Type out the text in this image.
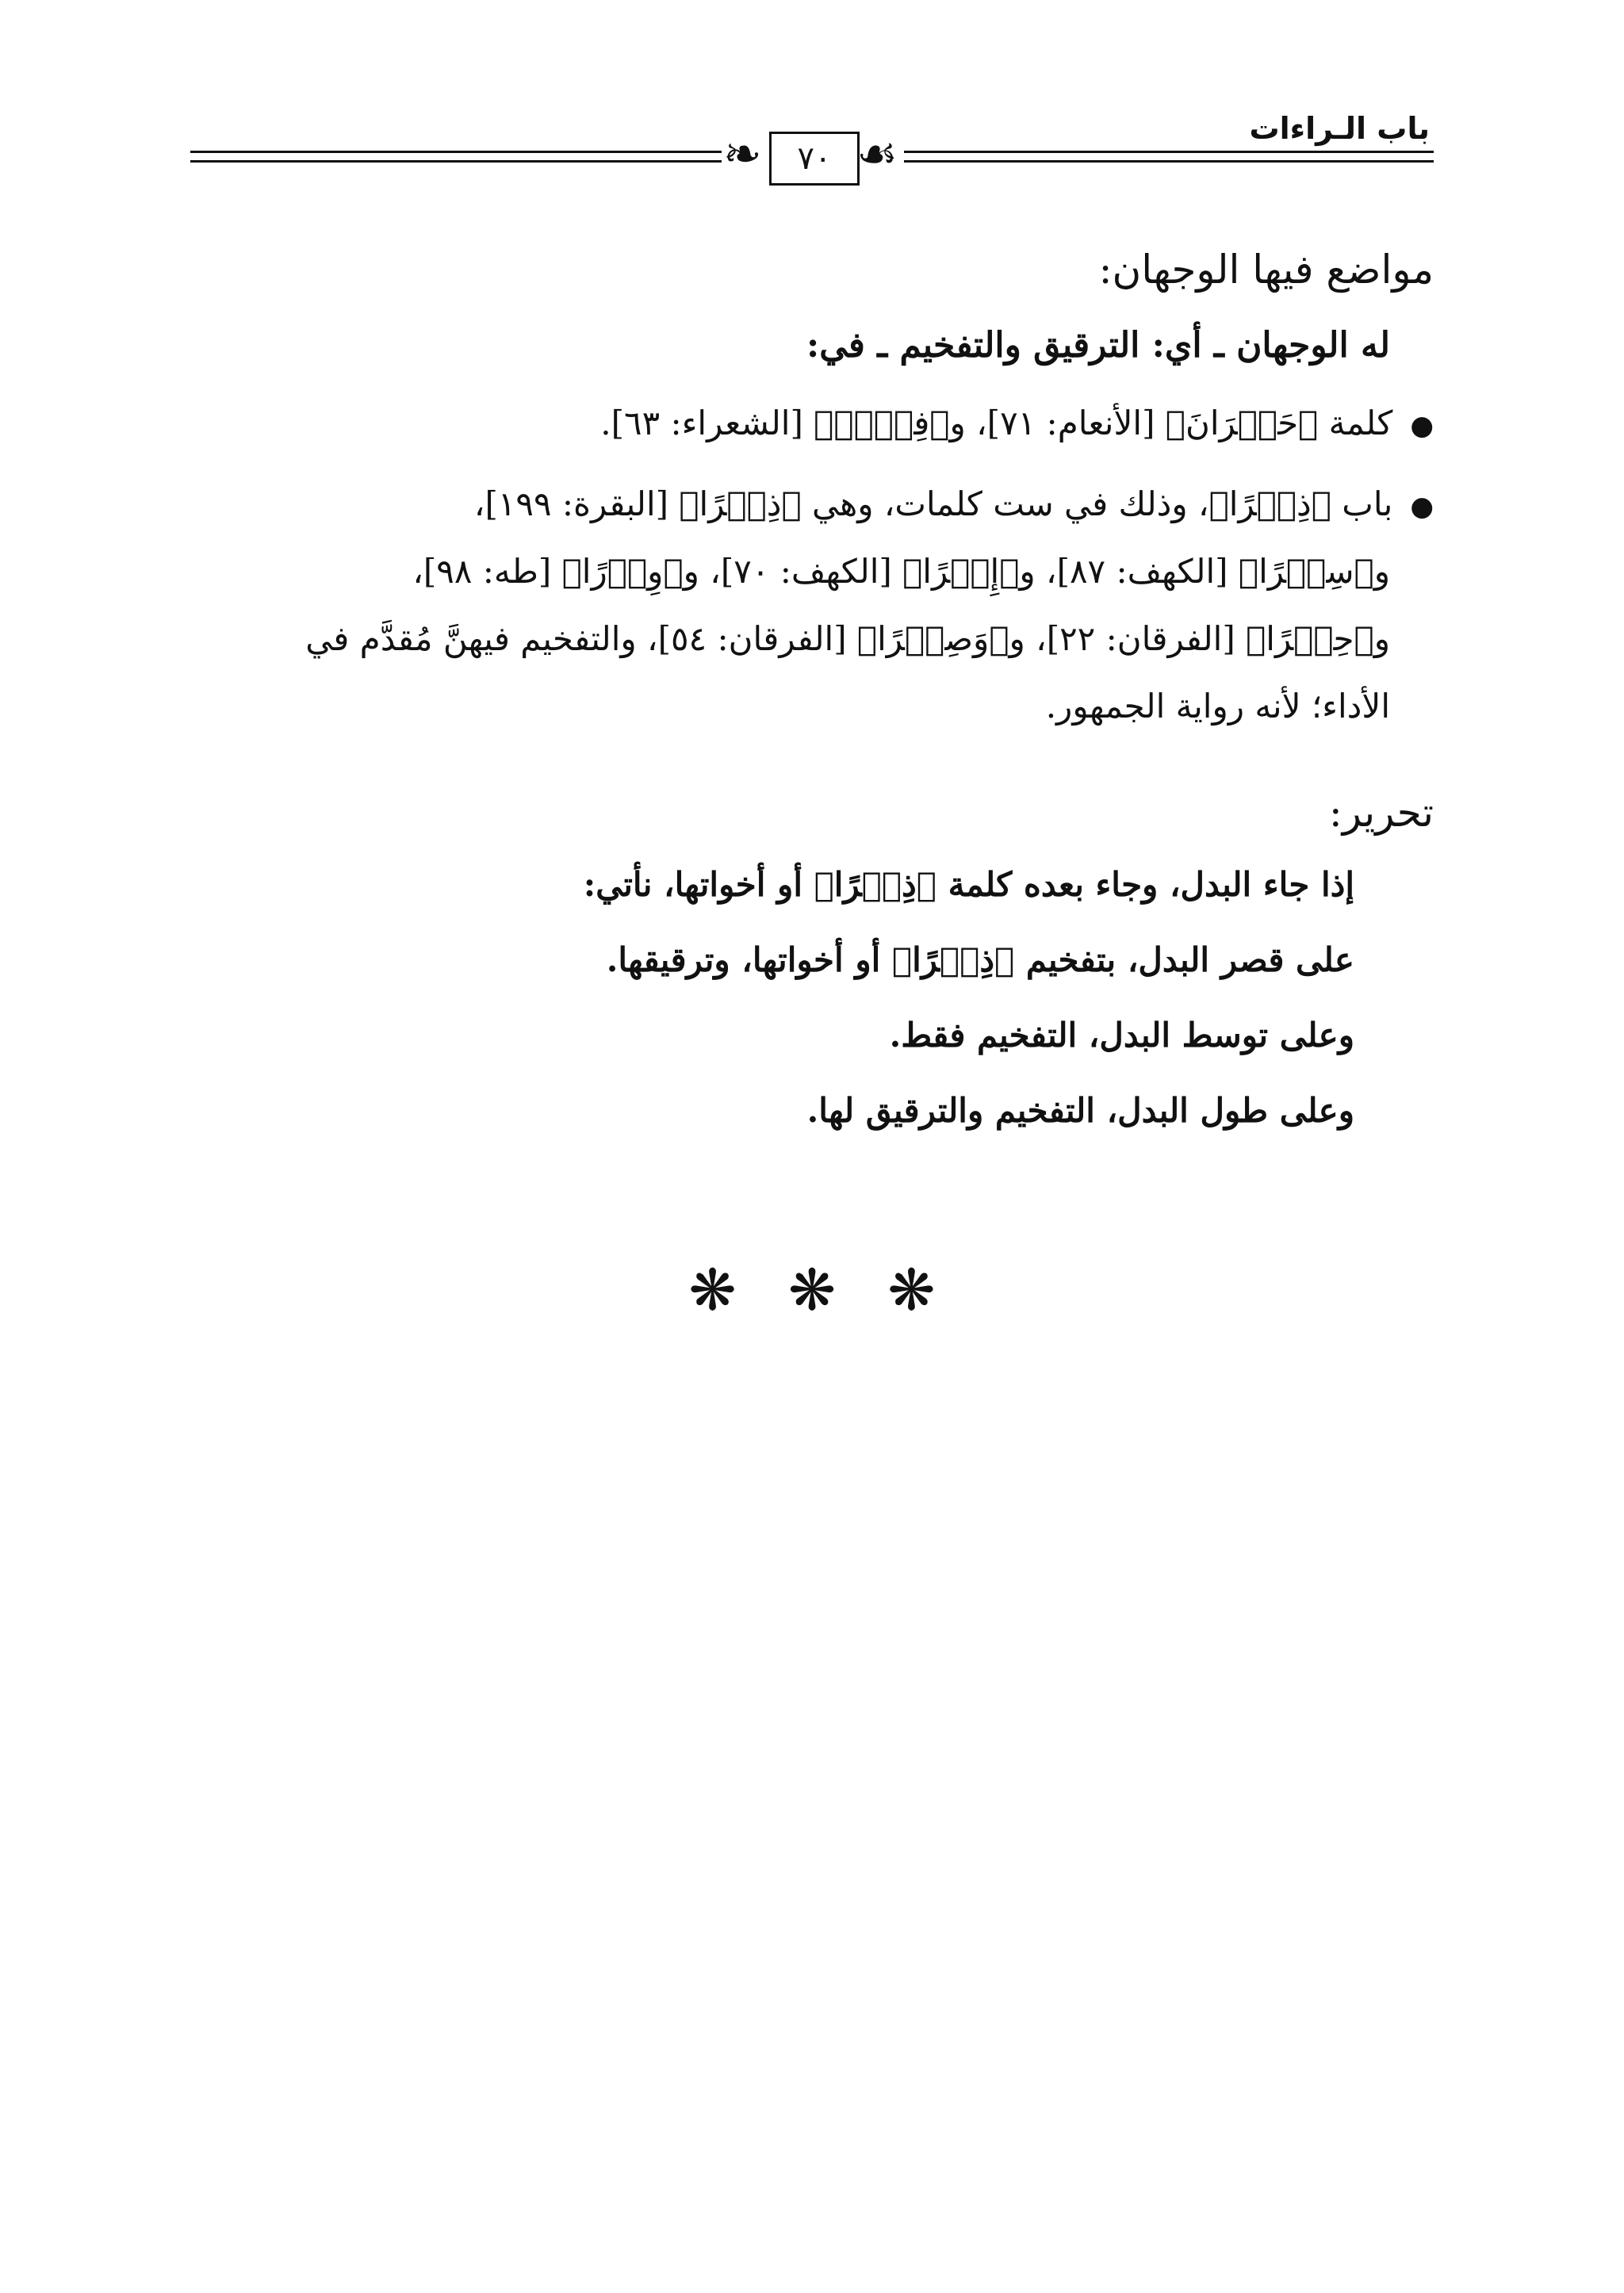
باب الـراءات
❧	٧٠ ☙
مواضع فيها الوجهان:
له الوجهان ـ أي: الترقيق والتفخيم ـ في:
●كلمة ﴿حَيۡرَانَ﴾ [الأنعام: ٧١]، و﴿فِرۡقٖ﴾ [الشعراء: ٦٣].
●باب ﴿ذِكۡرًا﴾، وذلك في ست كلمات، وهي ﴿ذِكۡرًا﴾ [البقرة: ١٩٩]،
و﴿سِتۡرًا﴾ [الكهف: ٨٧]، و﴿إِمۡرًا﴾ [الكهف: ٧٠]، و﴿وِزۡرًا﴾ [طه: ٩٨]،
و﴿حِجۡرًا﴾ [الفرقان: ٢٢]، و﴿وَصِهۡرًا﴾ [الفرقان: ٥٤]، والتفخيم فيهنَّ مُقدَّم في
الأداء؛ لأنه رواية الجمهور.
تحرير:
إذا جاء البدل، وجاء بعده كلمة ﴿ذِكۡرًا﴾ أو أخواتها، نأتي:
على قصر البدل، بتفخيم ﴿ذِكۡرًا﴾ أو أخواتها، وترقيقها.
وعلى توسط البدل، التفخيم فقط.
وعلى طول البدل، التفخيم والترقيق لها.
❋ ❋ ❋
